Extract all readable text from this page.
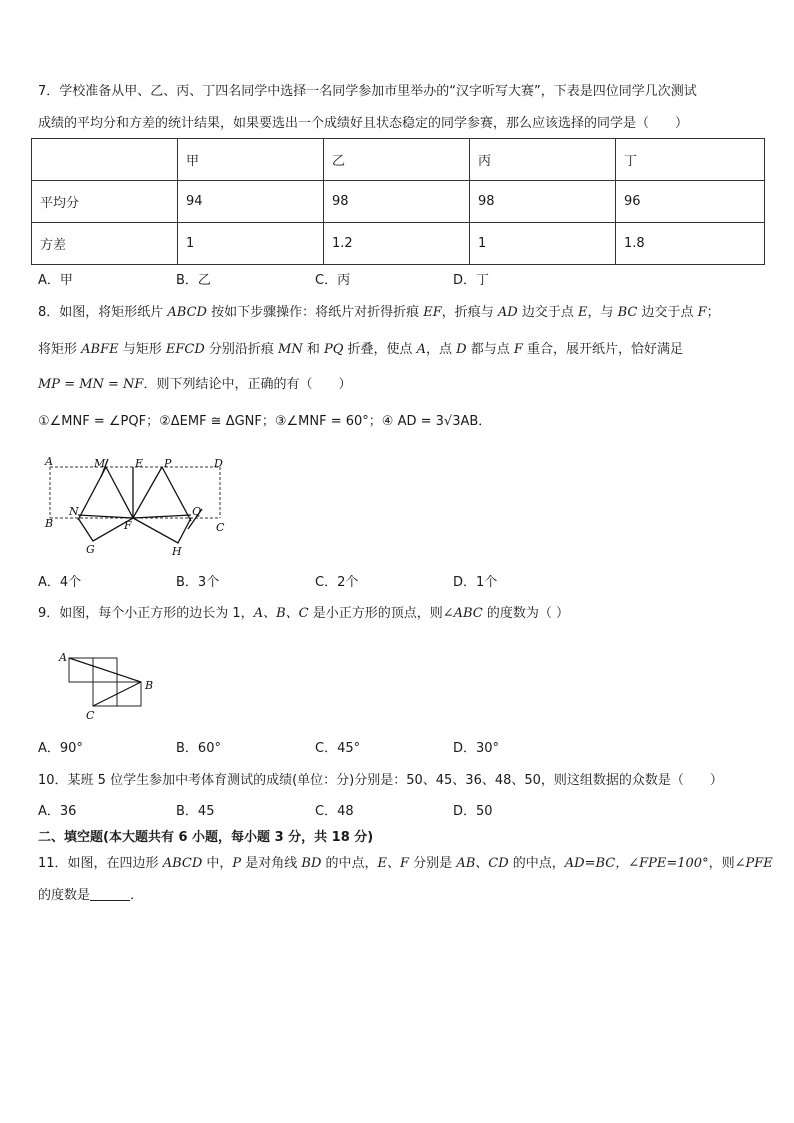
7．学校准备从甲、乙、丙、丁四名同学中选择一名同学参加市里举办的“汉字听写大赛”，下表是四位同学几次测试
成绩的平均分和方差的统计结果，如果要选出一个成绩好且状态稳定的同学参赛，那么应该选择的同学是（　　）
	甲	乙	丙	丁
平均分	94	98	98	96
方差	1	1.2	1	1.8
A．甲	B．乙	C．丙	D．丁
8．如图，将矩形纸片 ABCD 按如下步骤操作：将纸片对折得折痕 EF，折痕与 AD 边交于点 E，与 BC 边交于点 F；
将矩形 ABFE 与矩形 EFCD 分别沿折痕 MN 和 PQ 折叠，使点 A，点 D 都与点 F 重合，展开纸片，恰好满足
MP = MN = NF．则下列结论中，正确的有（　　）
①∠MNF = ∠PQF；②ΔEMF ≅ ΔGNF；③∠MNF = 60°；④ AD = 3√3AB．
A	M	E P	D
N	Q
B	F	C
G	H
A．4个	B．3个	C．2个	D．1个
9．如图，每个小正方形的边长为 1，A、B、C 是小正方形的顶点，则∠ABC 的度数为（ ）
A
B
C
A．90°	B．60°	C．45°	D．30°
10．某班 5 位学生参加中考体育测试的成绩(单位：分)分别是：50、45、36、48、50，则这组数据的众数是（　　）
A．36	B．45	C．48	D．50
二、填空题(本大题共有 6 小题，每小题 3 分，共 18 分)
11．如图，在四边形 ABCD 中，P 是对角线 BD 的中点，E、F 分别是 AB、CD 的中点，AD=BC，∠FPE=100°，则∠PFE
的度数是	．
